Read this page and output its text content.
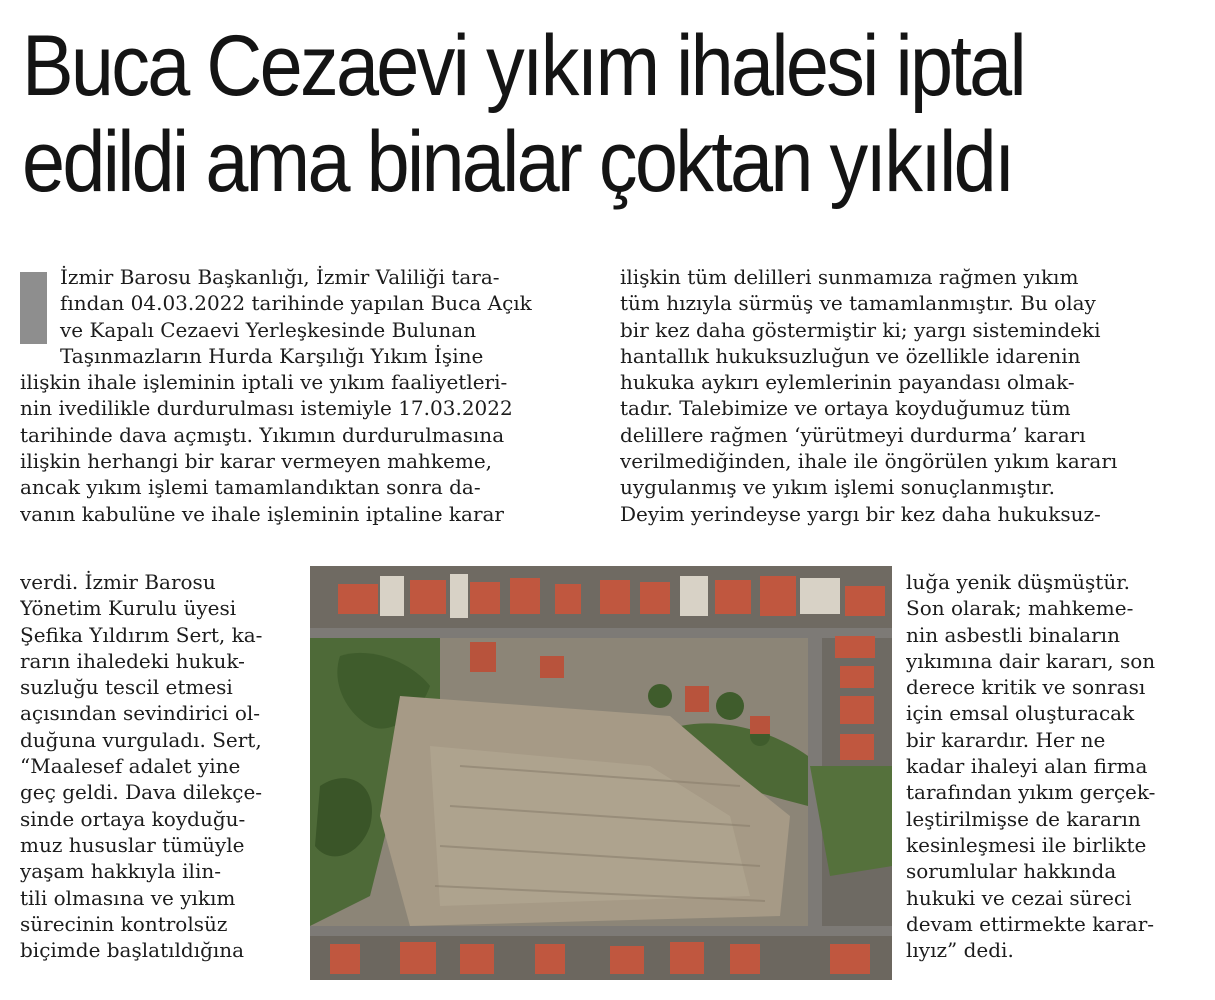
Buca Cezaevi yıkım ihalesi iptal
edildi ama binalar çoktan yıkıldı
İzmir Barosu Başkanlığı, İzmir Valiliği tara-
fından 04.03.2022 tarihinde yapılan Buca Açık
ve Kapalı Cezaevi Yerleşkesinde Bulunan
Taşınmazların Hurda Karşılığı Yıkım İşine
ilişkin ihale işleminin iptali ve yıkım faaliyetleri-
nin ivedilikle durdurulması istemiyle 17.03.2022
tarihinde dava açmıştı. Yıkımın durdurulmasına
ilişkin herhangi bir karar vermeyen mahkeme,
ancak yıkım işlemi tamamlandıktan sonra da-
vanın kabulüne ve ihale işleminin iptaline karar
verdi. İzmir Barosu
Yönetim Kurulu üyesi
Şefika Yıldırım Sert, ka-
rarın ihaledeki hukuk-
suzluğu tescil etmesi
açısından sevindirici ol-
duğuna vurguladı. Sert,
“Maalesef adalet yine
geç geldi. Dava dilekçe-
sinde ortaya koyduğu-
muz hususlar tümüyle
yaşam hakkıyla ilin-
tili olmasına ve yıkım
sürecinin kontrolsüz
biçimde başlatıldığına
ilişkin tüm delilleri sunmamıza rağmen yıkım
tüm hızıyla sürmüş ve tamamlanmıştır. Bu olay
bir kez daha göstermiştir ki; yargı sistemindeki
hantallık hukuksuzluğun ve özellikle idarenin
hukuka aykırı eylemlerinin payandası olmak-
tadır. Talebimize ve ortaya koyduğumuz tüm
delillere rağmen ‘yürütmeyi durdurma’ kararı
verilmediğinden, ihale ile öngörülen yıkım kararı
uygulanmış ve yıkım işlemi sonuçlanmıştır.
Deyim yerindeyse yargı bir kez daha hukuksuz-
luğa yenik düşmüştür.
Son olarak; mahkeme-
nin asbestli binaların
yıkımına dair kararı, son
derece kritik ve sonrası
için emsal oluşturacak
bir karardır. Her ne
kadar ihaleyi alan firma
tarafından yıkım gerçek-
leştirilmişse de kararın
kesinleşmesi ile birlikte
sorumlular hakkında
hukuki ve cezai süreci
devam ettirmekte karar-
lıyız” dedi.
